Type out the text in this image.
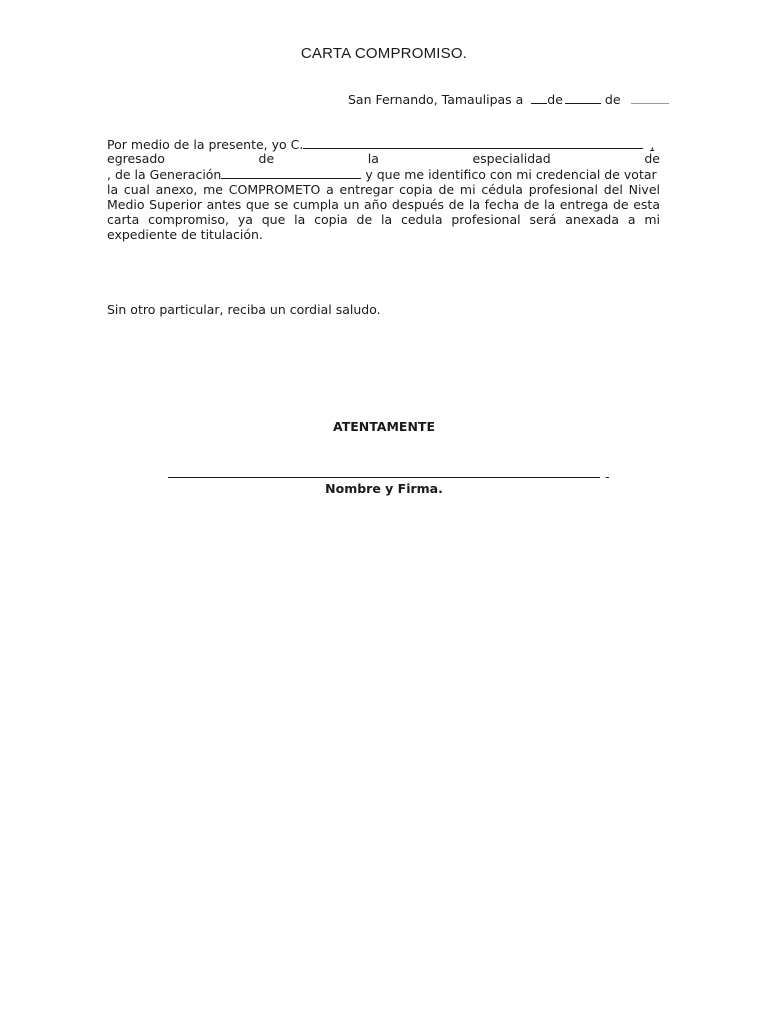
CARTA COMPROMISO.
San Fernando, Tamaulipas a de	de
Por medio de la presente, yo C.	,
egresado	de	la	especialidad	de
, de la Generación	y que me identifico con mi credencial de votar
la cual anexo, me COMPROMETO a entregar copia de mi cédula profesional del Nivel
Medio Superior antes que se cumpla un año después de la fecha de la entrega de esta
carta compromiso, ya que la copia de la cedula profesional será anexada a mi
expediente de titulación.
Sin otro particular, reciba un cordial saludo.
ATENTAMENTE
-
Nombre y Firma.
